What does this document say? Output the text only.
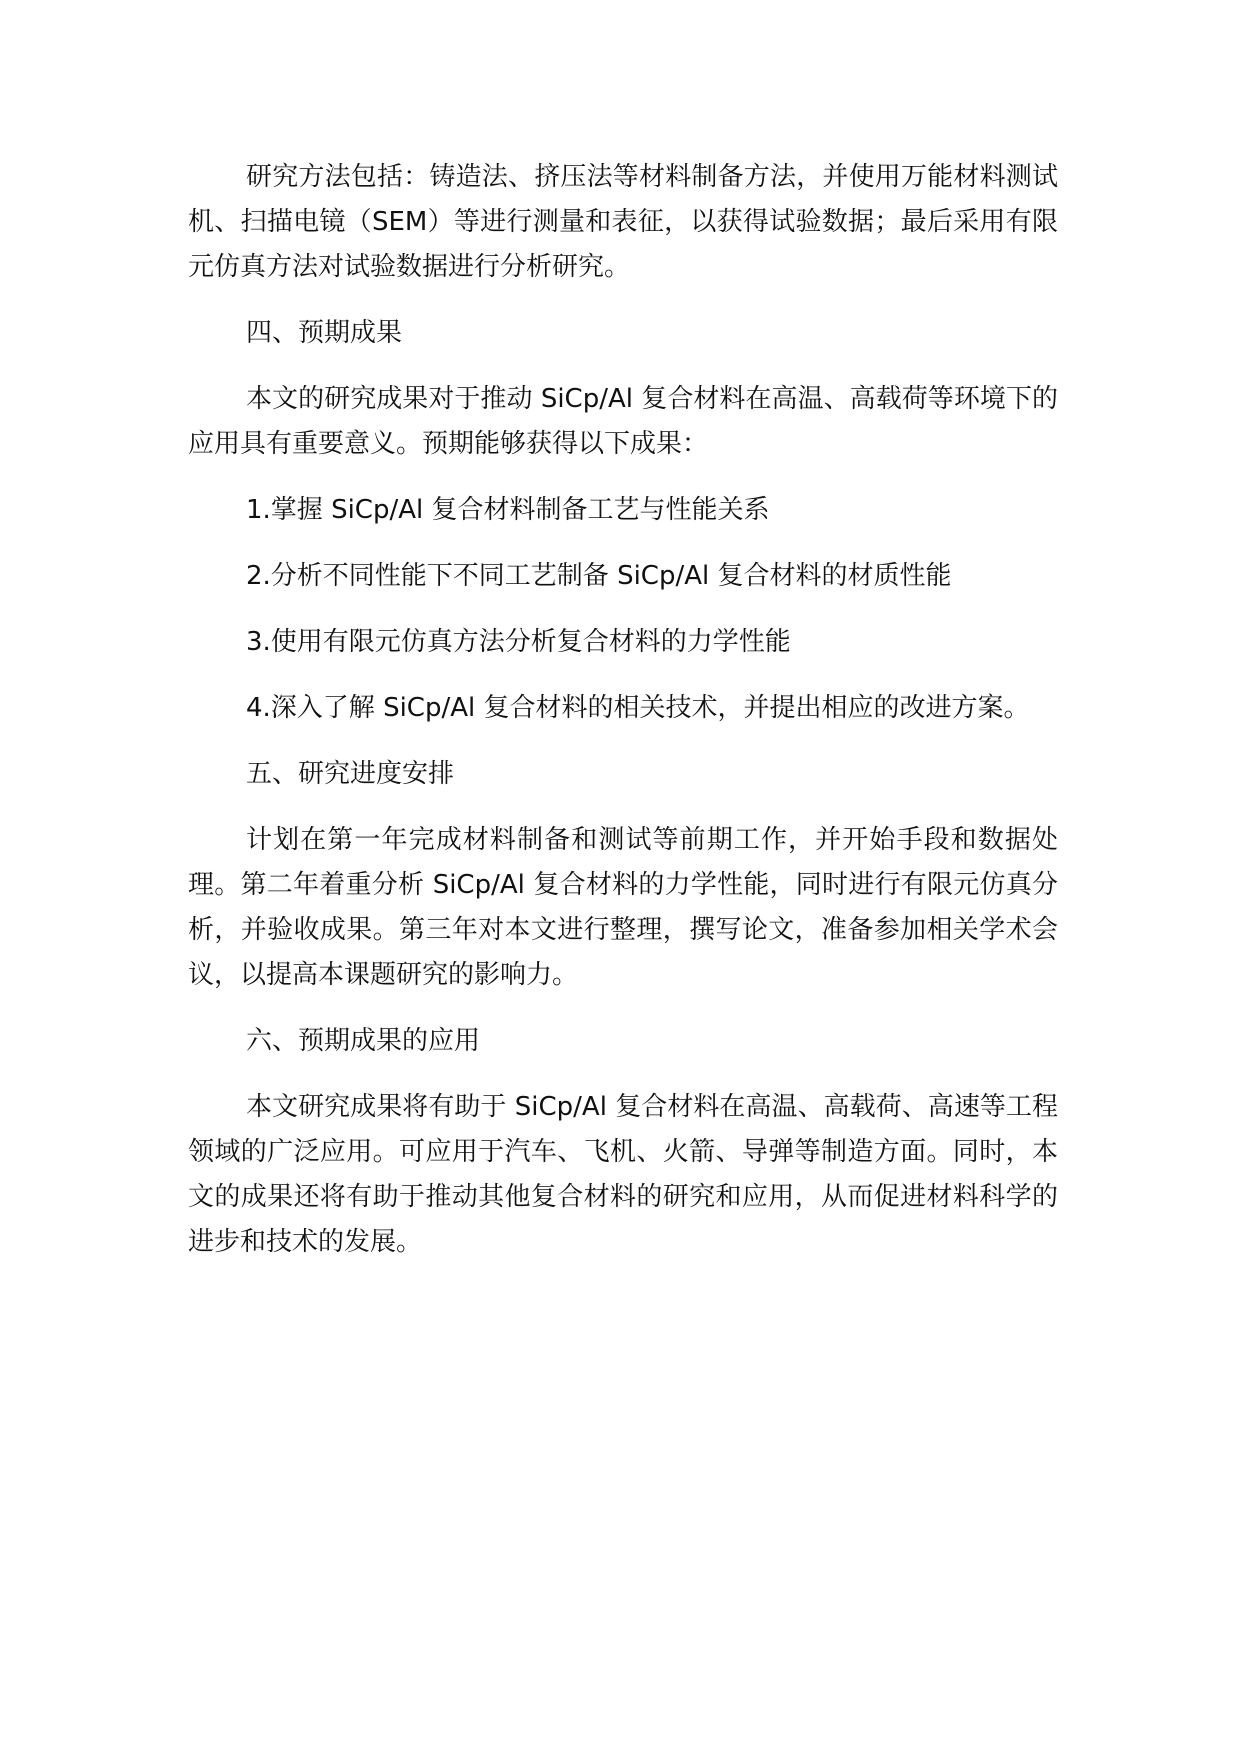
研究方法包括：铸造法、挤压法等材料制备方法，并使用万能材料测试机、扫描电镜（SEM）等进行测量和表征，以获得试验数据；最后采用有限元仿真方法对试验数据进行分析研究。

四、预期成果

本文的研究成果对于推动 SiCp/Al 复合材料在高温、高载荷等环境下的应用具有重要意义。预期能够获得以下成果：

1.掌握 SiCp/Al 复合材料制备工艺与性能关系

2.分析不同性能下不同工艺制备 SiCp/Al 复合材料的材质性能

3.使用有限元仿真方法分析复合材料的力学性能

4.深入了解 SiCp/Al 复合材料的相关技术，并提出相应的改进方案。

五、研究进度安排

计划在第一年完成材料制备和测试等前期工作，并开始手段和数据处理。第二年着重分析 SiCp/Al 复合材料的力学性能，同时进行有限元仿真分析，并验收成果。第三年对本文进行整理，撰写论文，准备参加相关学术会议，以提高本课题研究的影响力。

六、预期成果的应用

本文研究成果将有助于 SiCp/Al 复合材料在高温、高载荷、高速等工程领域的广泛应用。可应用于汽车、飞机、火箭、导弹等制造方面。同时，本文的成果还将有助于推动其他复合材料的研究和应用，从而促进材料科学的进步和技术的发展。
